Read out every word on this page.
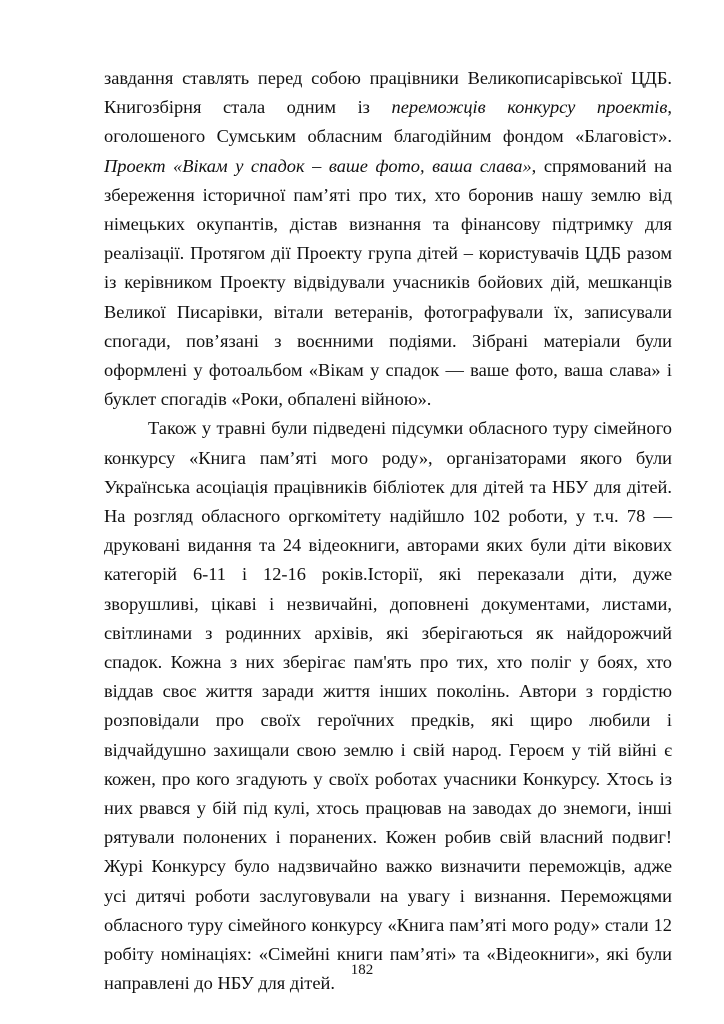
завдання ставлять перед собою працівники Великописарівської ЦДБ. Книгозбірня стала одним із переможців конкурсу проектів, оголошеного Сумським обласним благодійним фондом «Благовіст». Проект «Вікам у спадок – ваше фото, ваша слава», спрямований на збереження історичної пам’яті про тих, хто боронив нашу землю від німецьких окупантів, дістав визнання та фінансову підтримку для реалізації. Протягом дії Проекту група дітей – користувачів ЦДБ разом із керівником Проекту відвідували учасників бойових дій, мешканців Великої Писарівки, вітали ветеранів, фотографували їх, записували спогади, пов’язані з воєнними подіями. Зібрані матеріали були оформлені у фотоальбом «Вікам у спадок — ваше фото, ваша слава» і буклет спогадів «Роки, обпалені війною».

Також у травні були підведені підсумки обласного туру сімейного конкурсу «Книга пам’яті мого роду», організаторами якого були Українська асоціація працівників бібліотек для дітей та НБУ для дітей. На розгляд обласного оргкомітету надійшло 102 роботи, у т.ч. 78 — друковані видання та 24 відеокниги, авторами яких були діти вікових категорій 6-11 і 12-16 років.Історії, які переказали діти, дуже зворушливі, цікаві і незвичайні, доповнені документами, листами, світлинами з родинних архівів, які зберігаються як найдорожчий спадок. Кожна з них зберігає пам'ять про тих, хто поліг у боях, хто віддав своє життя заради життя інших поколінь. Автори з гордістю розповідали про своїх героїчних предків, які щиро любили і відчайдушно захищали свою землю і свій народ. Героєм у тій війні є кожен, про кого згадують у своїх роботах учасники Конкурсу. Хтось із них рвався у бій під кулі, хтось працював на заводах до знемоги, інші рятували полонених і поранених. Кожен робив свій власний подвиг! Журі Конкурсу було надзвичайно важко визначити переможців, адже усі дитячі роботи заслуговували на увагу і визнання. Переможцями обласного туру сімейного конкурсу «Книга пам’яті мого роду» стали 12 робіту номінаціях: «Сімейні книги пам’яті» та «Відеокниги», які були направлені до НБУ для дітей.

182
